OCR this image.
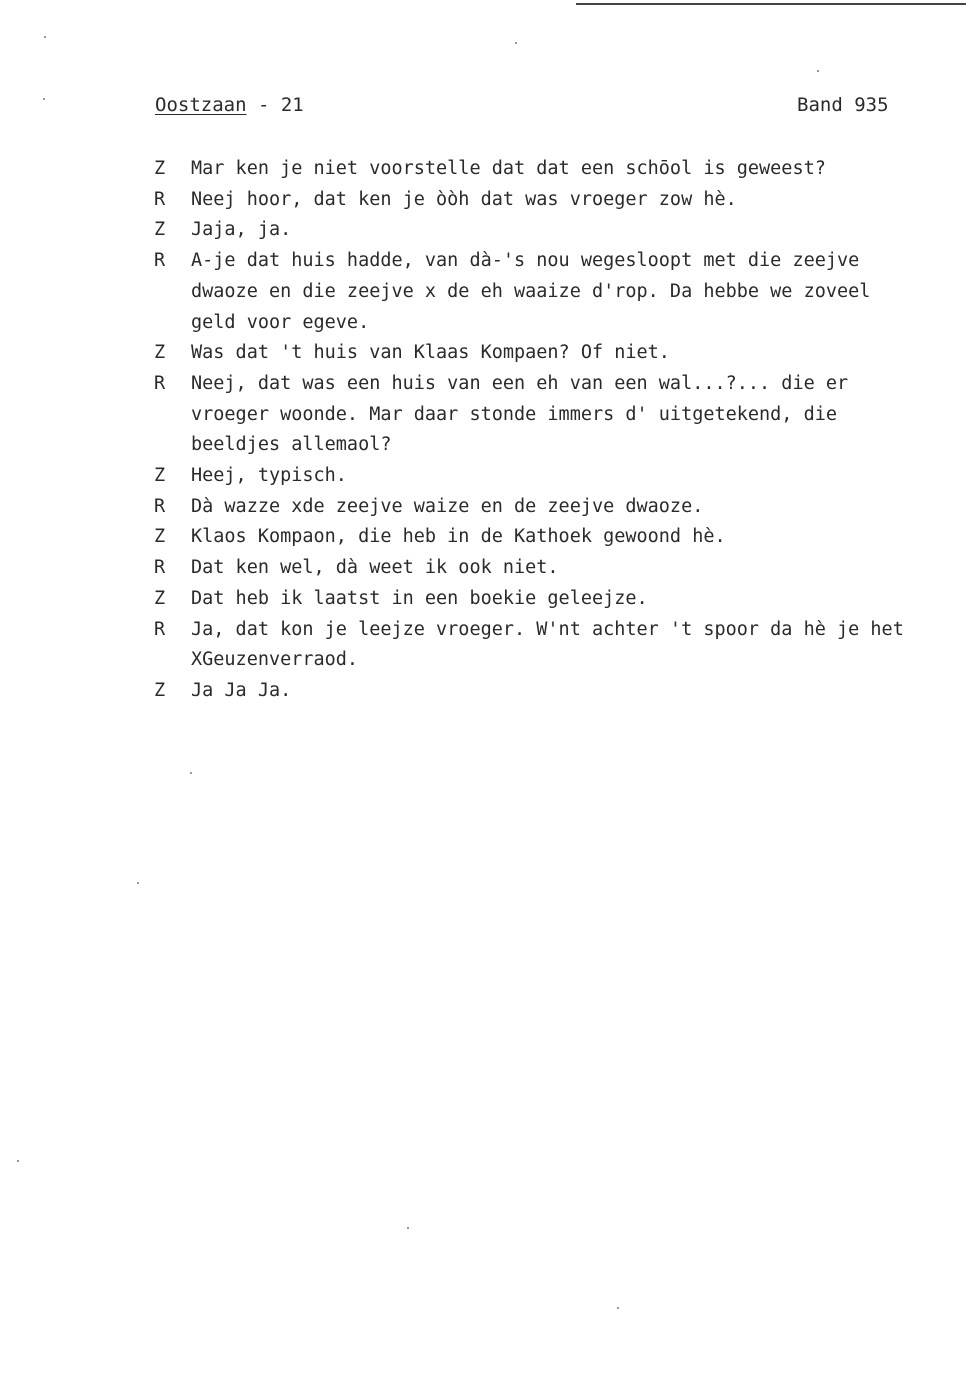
Oostzaan - 21	Band 935
Z	Mar ken je niet voorstelle dat dat een schōol is geweest?
R	Neej hoor, dat ken je òòh dat was vroeger zow hè.
Z	Jaja, ja.
R	A-je dat huis hadde, van dà-'s nou wegesloopt met die zeejve dwaoze en die zeejve x de eh waaize d'rop. Da hebbe we zoveel geld voor egeve.
Z	Was dat 't huis van Klaas Kompaen? Of niet.
R	Neej, dat was een huis van een eh van een wal...?... die er vroeger woonde. Mar daar stonde immers d' uitgetekend, die beeldjes allemaol?
Z	Heej, typisch.
R	Dà wazze xde zeejve waize en de zeejve dwaoze.
Z	Klaos Kompaon, die heb in de Kathoek gewoond hè.
R	Dat ken wel, dà weet ik ook niet.
Z	Dat heb ik laatst in een boekie geleejze.
R	Ja, dat kon je leejze vroeger. W'nt achter 't spoor da hè je het XGeuzenverraod.
Z	Ja Ja Ja.
